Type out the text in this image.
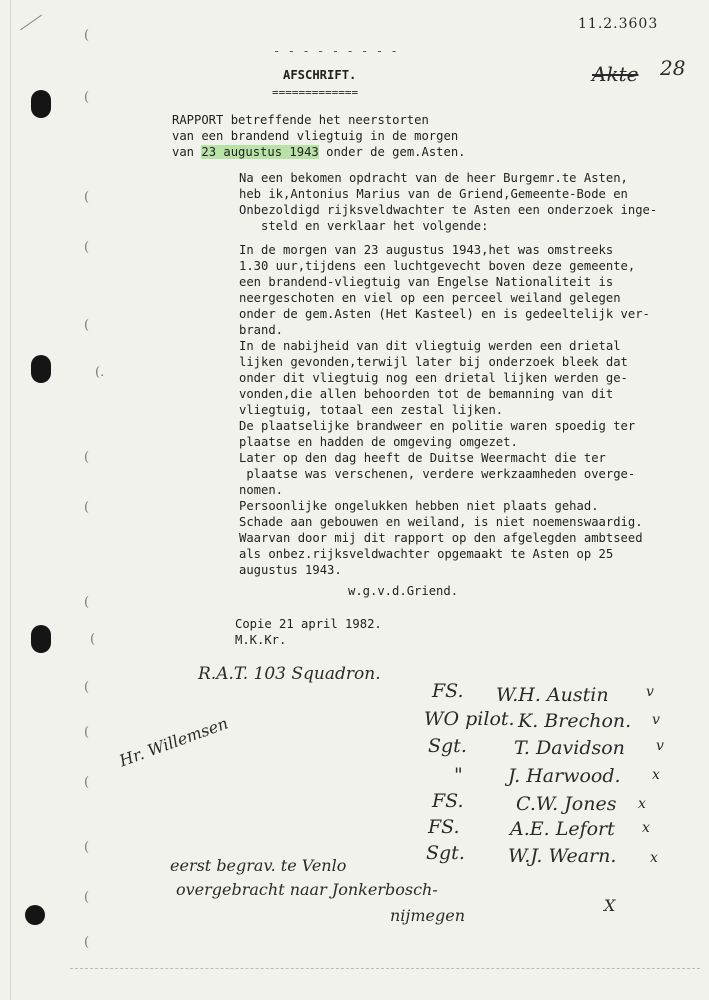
(
(
(
(
(
(.
(
(
(
(
(
(
(
(
(
(
11.2.3603
Akte 28
- - - - - - - - -
AFSCHRIFT.
=============
RAPPORT betreffende het neerstorten
van een brandend vliegtuig in de morgen
van 23 augustus 1943 onder de gem.Asten.
Na een bekomen opdracht van de heer Burgemr.te Asten,
heb ik,Antonius Marius van de Griend,Gemeente-Bode en
Onbezoldigd rijksveldwachter te Asten een onderzoek inge-
steld en verklaar het volgende:
In de morgen van 23 augustus 1943,het was omstreeks
1.30 uur,tijdens een luchtgevecht boven deze gemeente,
een brandend-vliegtuig van Engelse Nationaliteit is
neergeschoten en viel op een perceel weiland gelegen
onder de gem.Asten (Het Kasteel) en is gedeeltelijk ver-
brand.
In de nabijheid van dit vliegtuig werden een drietal
lijken gevonden,terwijl later bij onderzoek bleek dat
onder dit vliegtuig nog een drietal lijken werden ge-
vonden,die allen behoorden tot de bemanning van dit
vliegtuig, totaal een zestal lijken.
De plaatselijke brandweer en politie waren spoedig ter
plaatse en hadden de omgeving omgezet.
Later op den dag heeft de Duitse Weermacht die ter
plaatse was verschenen, verdere werkzaamheden overge-
nomen.
Persoonlijke ongelukken hebben niet plaats gehad.
Schade aan gebouwen en weiland, is niet noemenswaardig.
Waarvan door mij dit rapport op den afgelegden ambtseed
als onbez.rijksveldwachter opgemaakt te Asten op 25
augustus 1943.
w.g.v.d.Griend.
Copie 21 april 1982.
M.K.Kr.
R.A.T. 103 Squadron.
Hr. Willemsen
FS. W.H. Austin	v
WO pilot. K. Brechon. v
Sgt. T. Davidson v
" J. Harwood. x
FS.	C.W. Jones x
FS.	A.E. Lefort x
Sgt. W.J. Wearn. x
eerst begrav. te Venlo
overgebracht naar Jonkerbosch-
nijmegen
X
